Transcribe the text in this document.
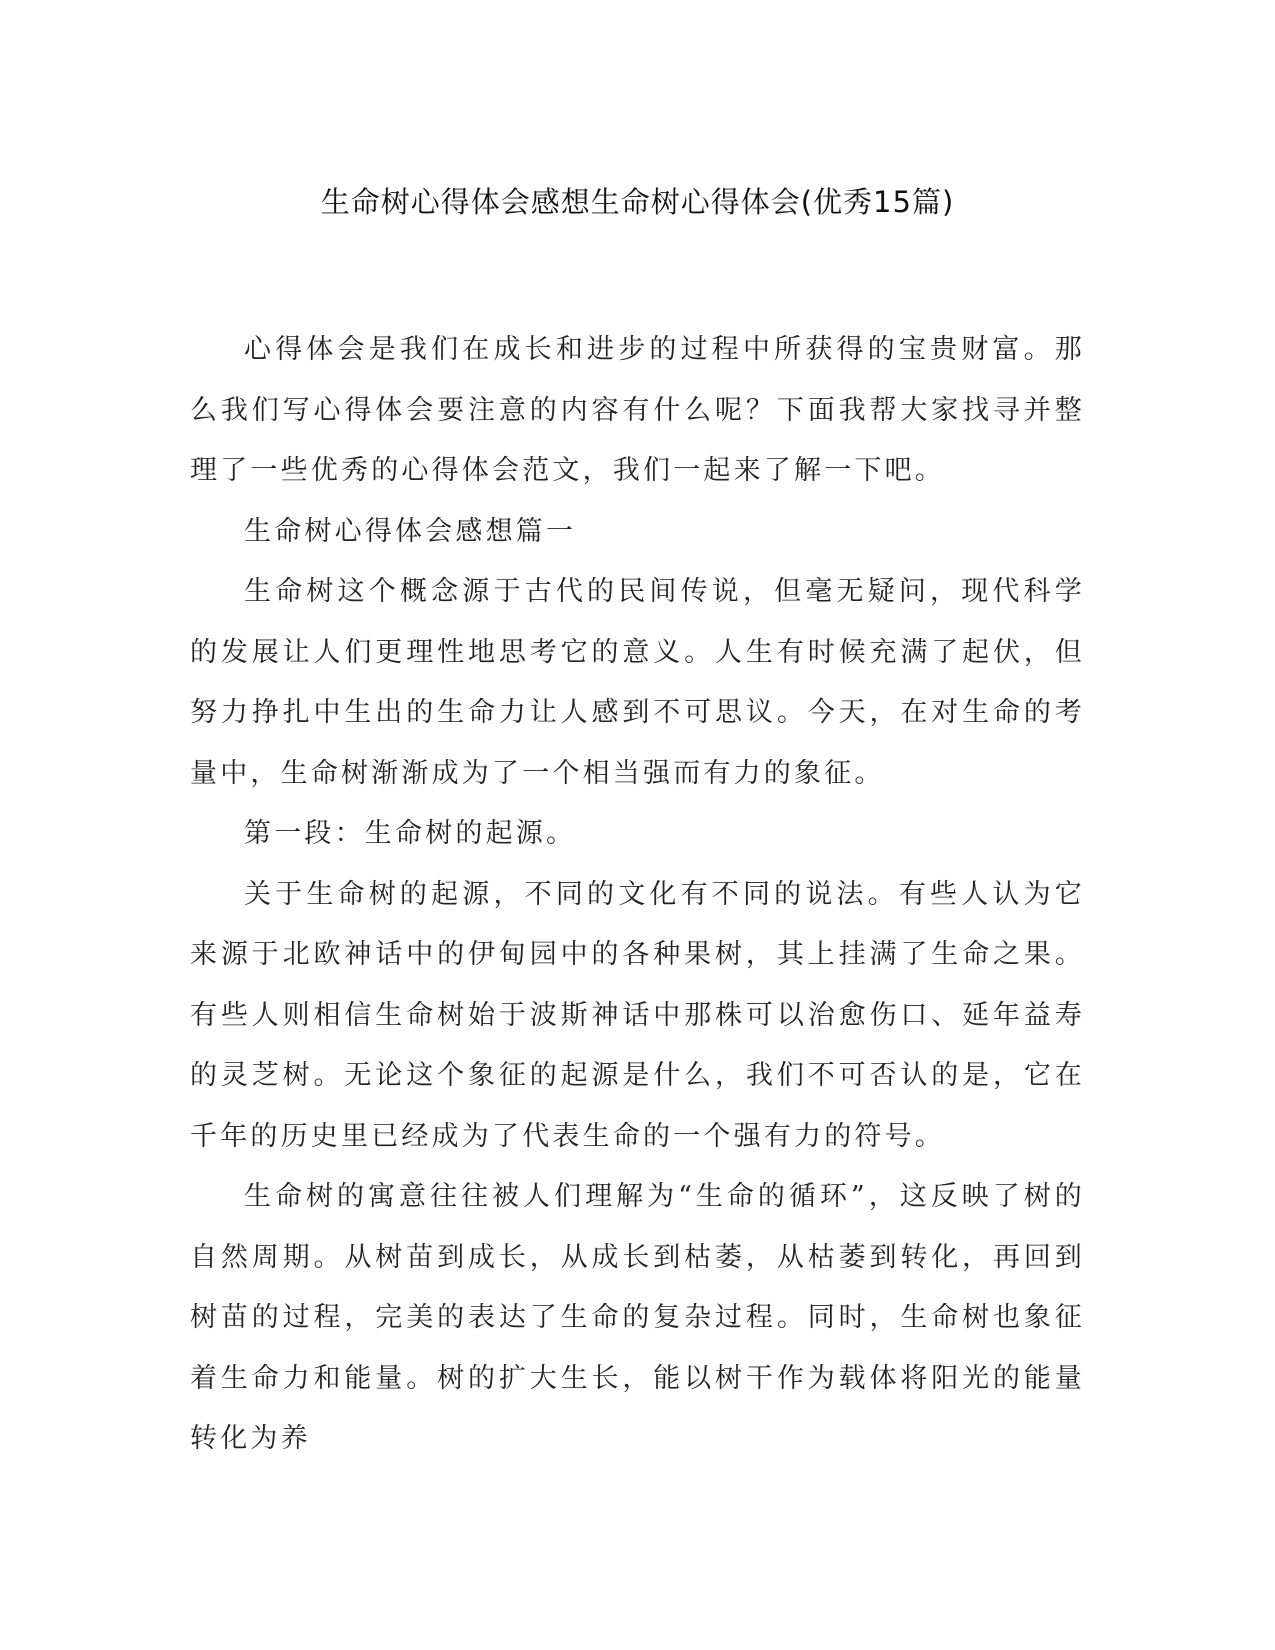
生命树心得体会感想生命树心得体会(优秀15篇)

心得体会是我们在成长和进步的过程中所获得的宝贵财富。那么我们写心得体会要注意的内容有什么呢？下面我帮大家找寻并整理了一些优秀的心得体会范文，我们一起来了解一下吧。

生命树心得体会感想篇一

生命树这个概念源于古代的民间传说，但毫无疑问，现代科学的发展让人们更理性地思考它的意义。人生有时候充满了起伏，但努力挣扎中生出的生命力让人感到不可思议。今天，在对生命的考量中，生命树渐渐成为了一个相当强而有力的象征。

第一段：生命树的起源。

关于生命树的起源，不同的文化有不同的说法。有些人认为它来源于北欧神话中的伊甸园中的各种果树，其上挂满了生命之果。有些人则相信生命树始于波斯神话中那株可以治愈伤口、延年益寿的灵芝树。无论这个象征的起源是什么，我们不可否认的是，它在千年的历史里已经成为了代表生命的一个强有力的符号。

生命树的寓意往往被人们理解为“生命的循环”，这反映了树的自然周期。从树苗到成长，从成长到枯萎，从枯萎到转化，再回到树苗的过程，完美的表达了生命的复杂过程。同时，生命树也象征着生命力和能量。树的扩大生长，能以树干作为载体将阳光的能量转化为养
